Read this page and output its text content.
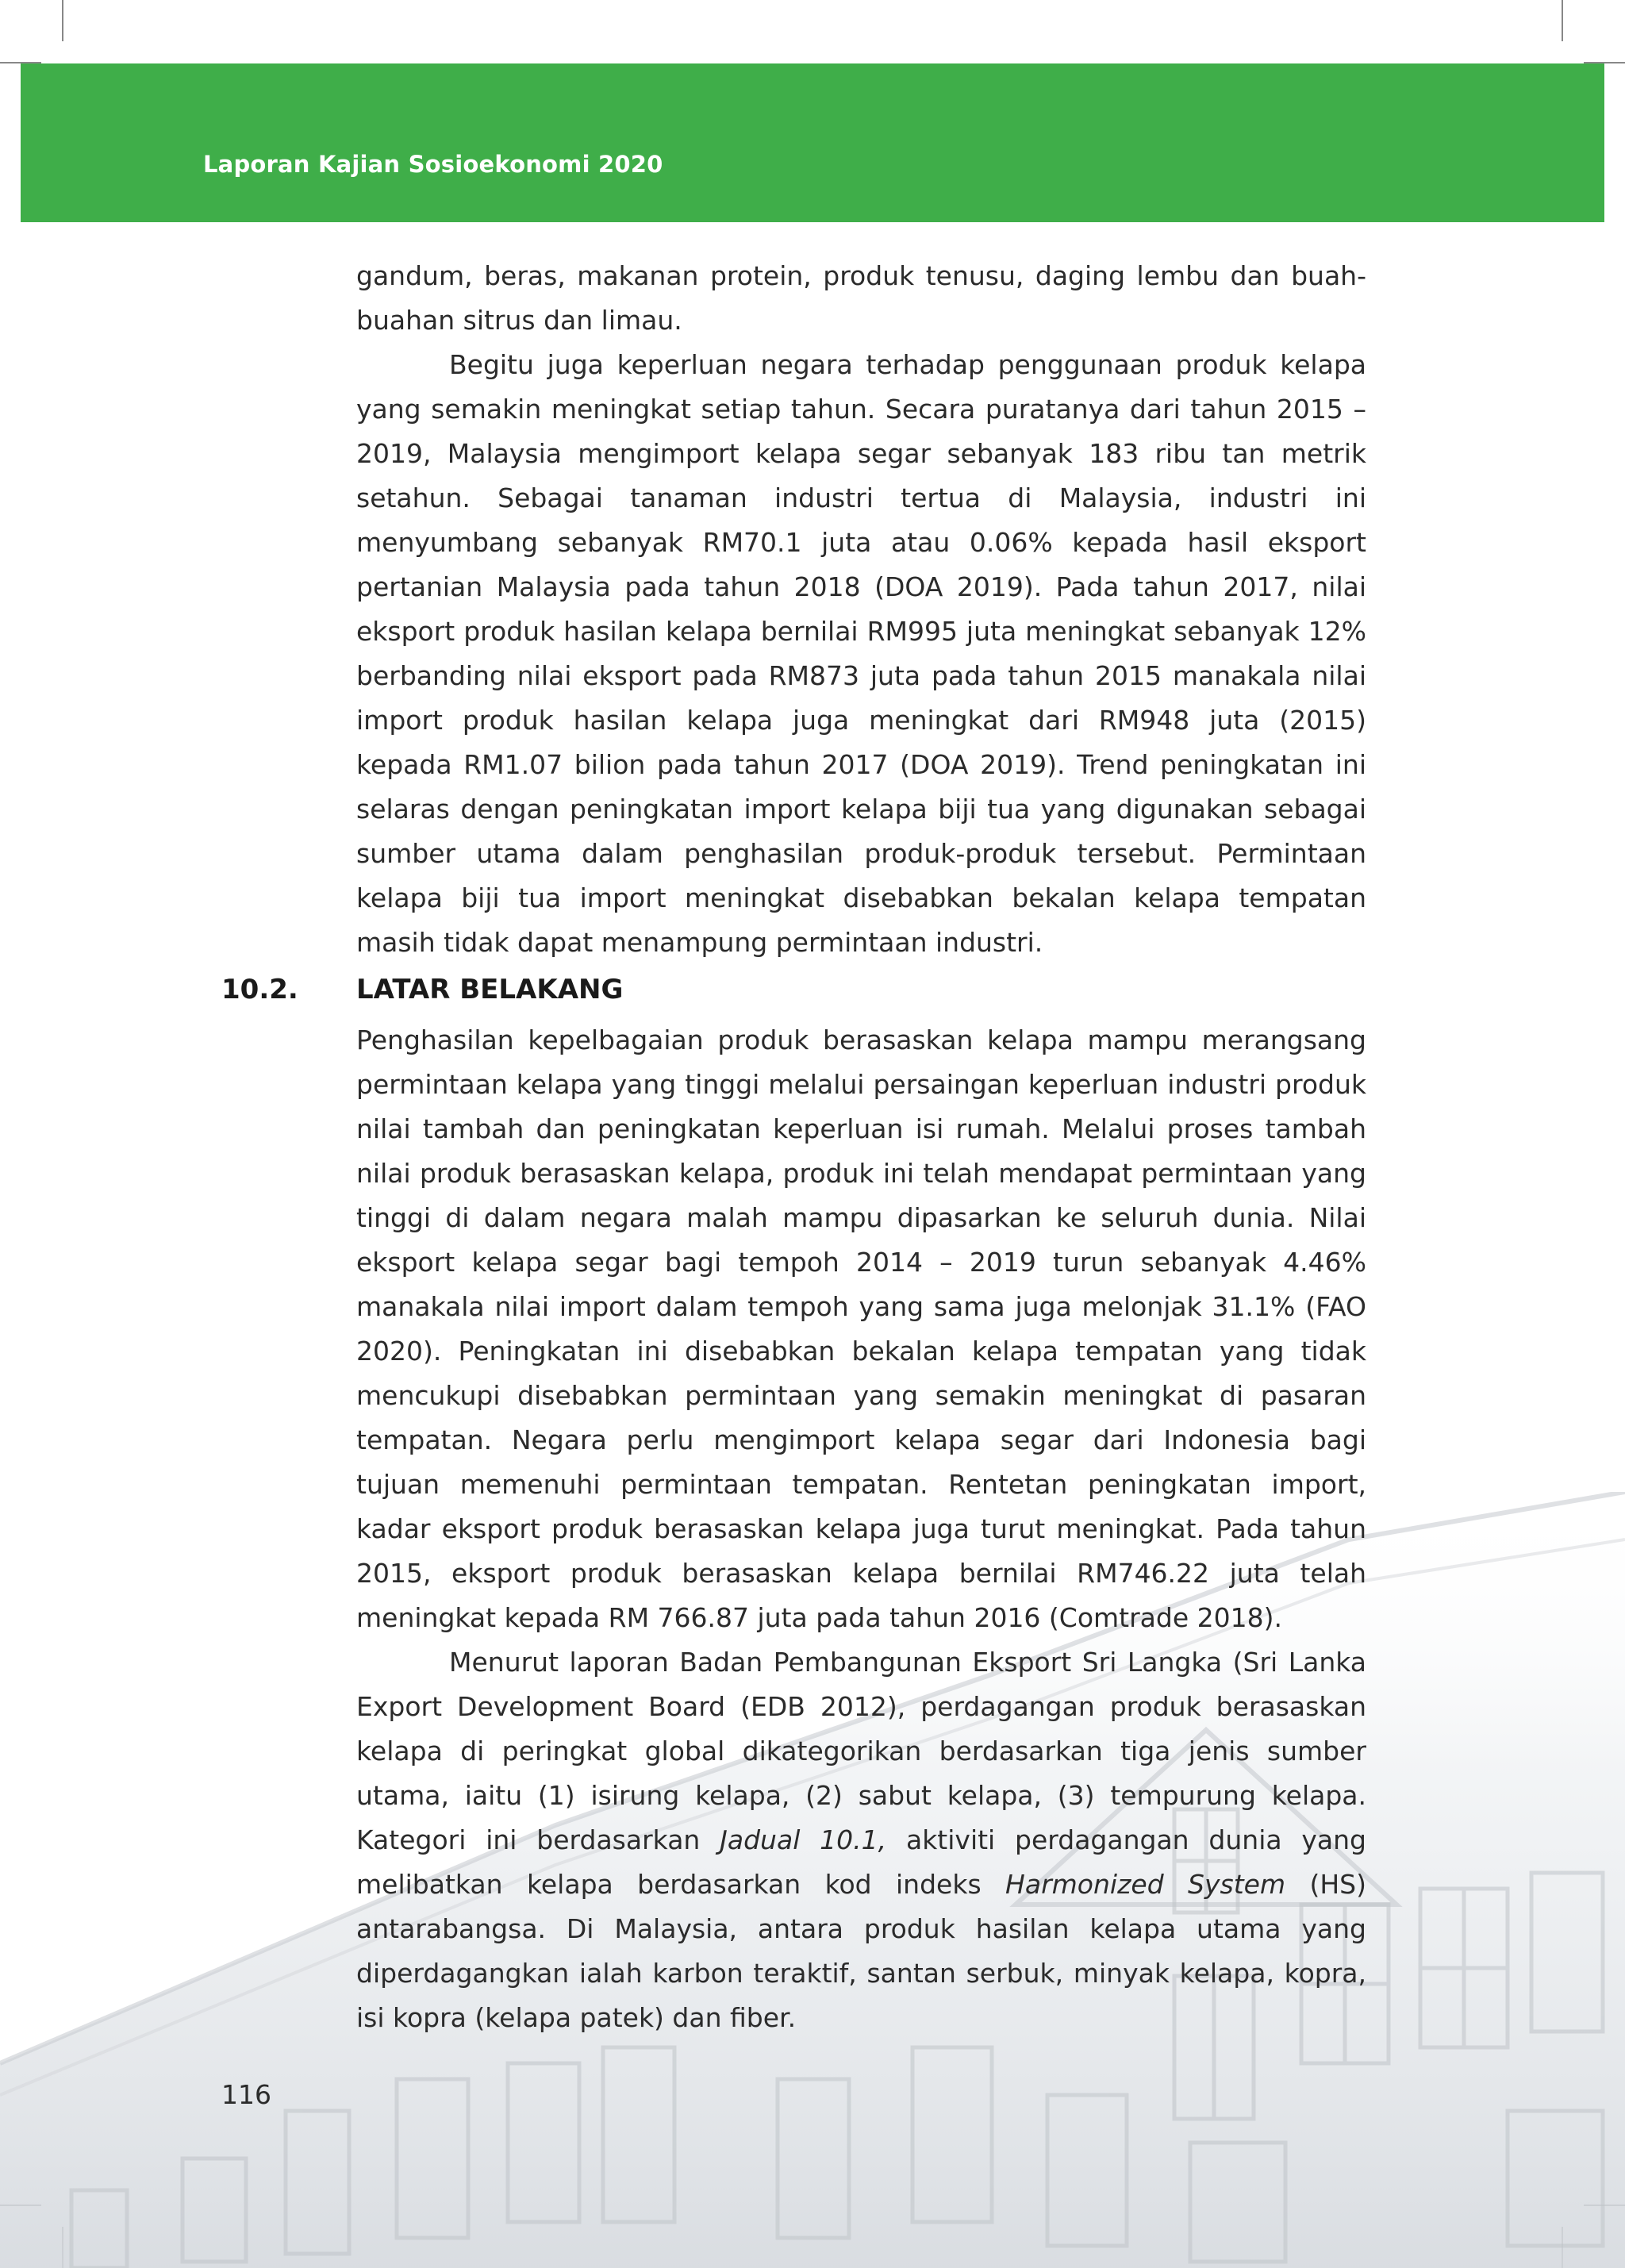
Laporan Kajian Sosioekonomi 2020

gandum, beras, makanan protein, produk tenusu, daging lembu dan buah-buahan sitrus dan limau.

Begitu juga keperluan negara terhadap penggunaan produk kelapa yang semakin meningkat setiap tahun. Secara puratanya dari tahun 2015 – 2019, Malaysia mengimport kelapa segar sebanyak 183 ribu tan metrik setahun. Sebagai tanaman industri tertua di Malaysia, industri ini menyumbang sebanyak RM70.1 juta atau 0.06% kepada hasil eksport pertanian Malaysia pada tahun 2018 (DOA 2019). Pada tahun 2017, nilai eksport produk hasilan kelapa bernilai RM995 juta meningkat sebanyak 12% berbanding nilai eksport pada RM873 juta pada tahun 2015 manakala nilai import produk hasilan kelapa juga meningkat dari RM948 juta (2015) kepada RM1.07 bilion pada tahun 2017 (DOA 2019). Trend peningkatan ini selaras dengan peningkatan import kelapa biji tua yang digunakan sebagai sumber utama dalam penghasilan produk-produk tersebut. Permintaan kelapa biji tua import meningkat disebabkan bekalan kelapa tempatan masih tidak dapat menampung permintaan industri.

10.2. LATAR BELAKANG

Penghasilan kepelbagaian produk berasaskan kelapa mampu merangsang permintaan kelapa yang tinggi melalui persaingan keperluan industri produk nilai tambah dan peningkatan keperluan isi rumah. Melalui proses tambah nilai produk berasaskan kelapa, produk ini telah mendapat permintaan yang tinggi di dalam negara malah mampu dipasarkan ke seluruh dunia. Nilai eksport kelapa segar bagi tempoh 2014 – 2019 turun sebanyak 4.46% manakala nilai import dalam tempoh yang sama juga melonjak 31.1% (FAO 2020). Peningkatan ini disebabkan bekalan kelapa tempatan yang tidak mencukupi disebabkan permintaan yang semakin meningkat di pasaran tempatan. Negara perlu mengimport kelapa segar dari Indonesia bagi tujuan memenuhi permintaan tempatan. Rentetan peningkatan import, kadar eksport produk berasaskan kelapa juga turut meningkat. Pada tahun 2015, eksport produk berasaskan kelapa bernilai RM746.22 juta telah meningkat kepada RM 766.87 juta pada tahun 2016 (Comtrade 2018).

Menurut laporan Badan Pembangunan Eksport Sri Langka (Sri Lanka Export Development Board (EDB 2012), perdagangan produk berasaskan kelapa di peringkat global dikategorikan berdasarkan tiga jenis sumber utama, iaitu (1) isirung kelapa, (2) sabut kelapa, (3) tempurung kelapa. Kategori ini berdasarkan Jadual 10.1, aktiviti perdagangan dunia yang melibatkan kelapa berdasarkan kod indeks Harmonized System (HS) antarabangsa. Di Malaysia, antara produk hasilan kelapa utama yang diperdagangkan ialah karbon teraktif, santan serbuk, minyak kelapa, kopra, isi kopra (kelapa patek) dan fiber.

116
